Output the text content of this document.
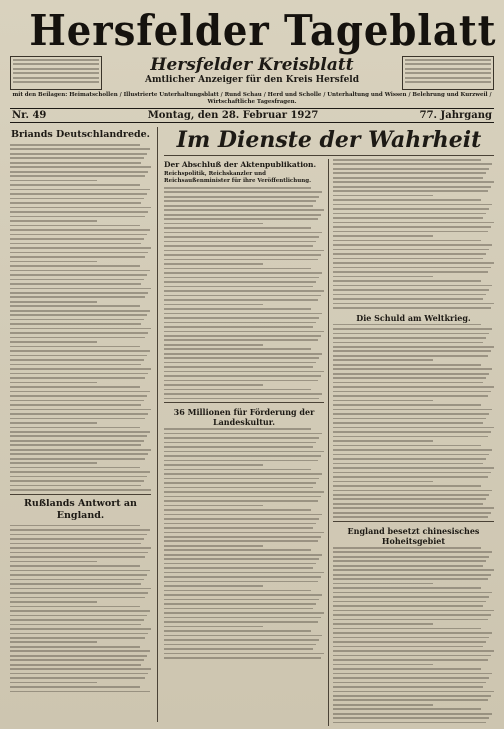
Hersfelder Tageblatt
Hersfelder Kreisblatt
Amtlicher Anzeiger für den Kreis Hersfeld
mit den Beilagen: Heimatschollen / Illustrierte Unterhaltungsblatt / Rund Schau / Herd und Scholle / Unterhaltung und Wissen / Belehrung und Kurzweil / Wirtschaftliche Tagesfragen.
Nr. 49	Montag, den 28. Februar 1927	77. Jahrgang
Briands Deutschlandrede.
Rußlands Antwort an England.
Im Dienste der Wahrheit
Der Abschluß der Aktenpublikation.
Reichspolitik, Reichskanzler und Reichsaußenminister für ihre Veröffentlichung.
36 Millionen für Förderung der Landeskultur.
Die Schuld am Weltkrieg.
England besetzt chinesisches Hoheitsgebiet
